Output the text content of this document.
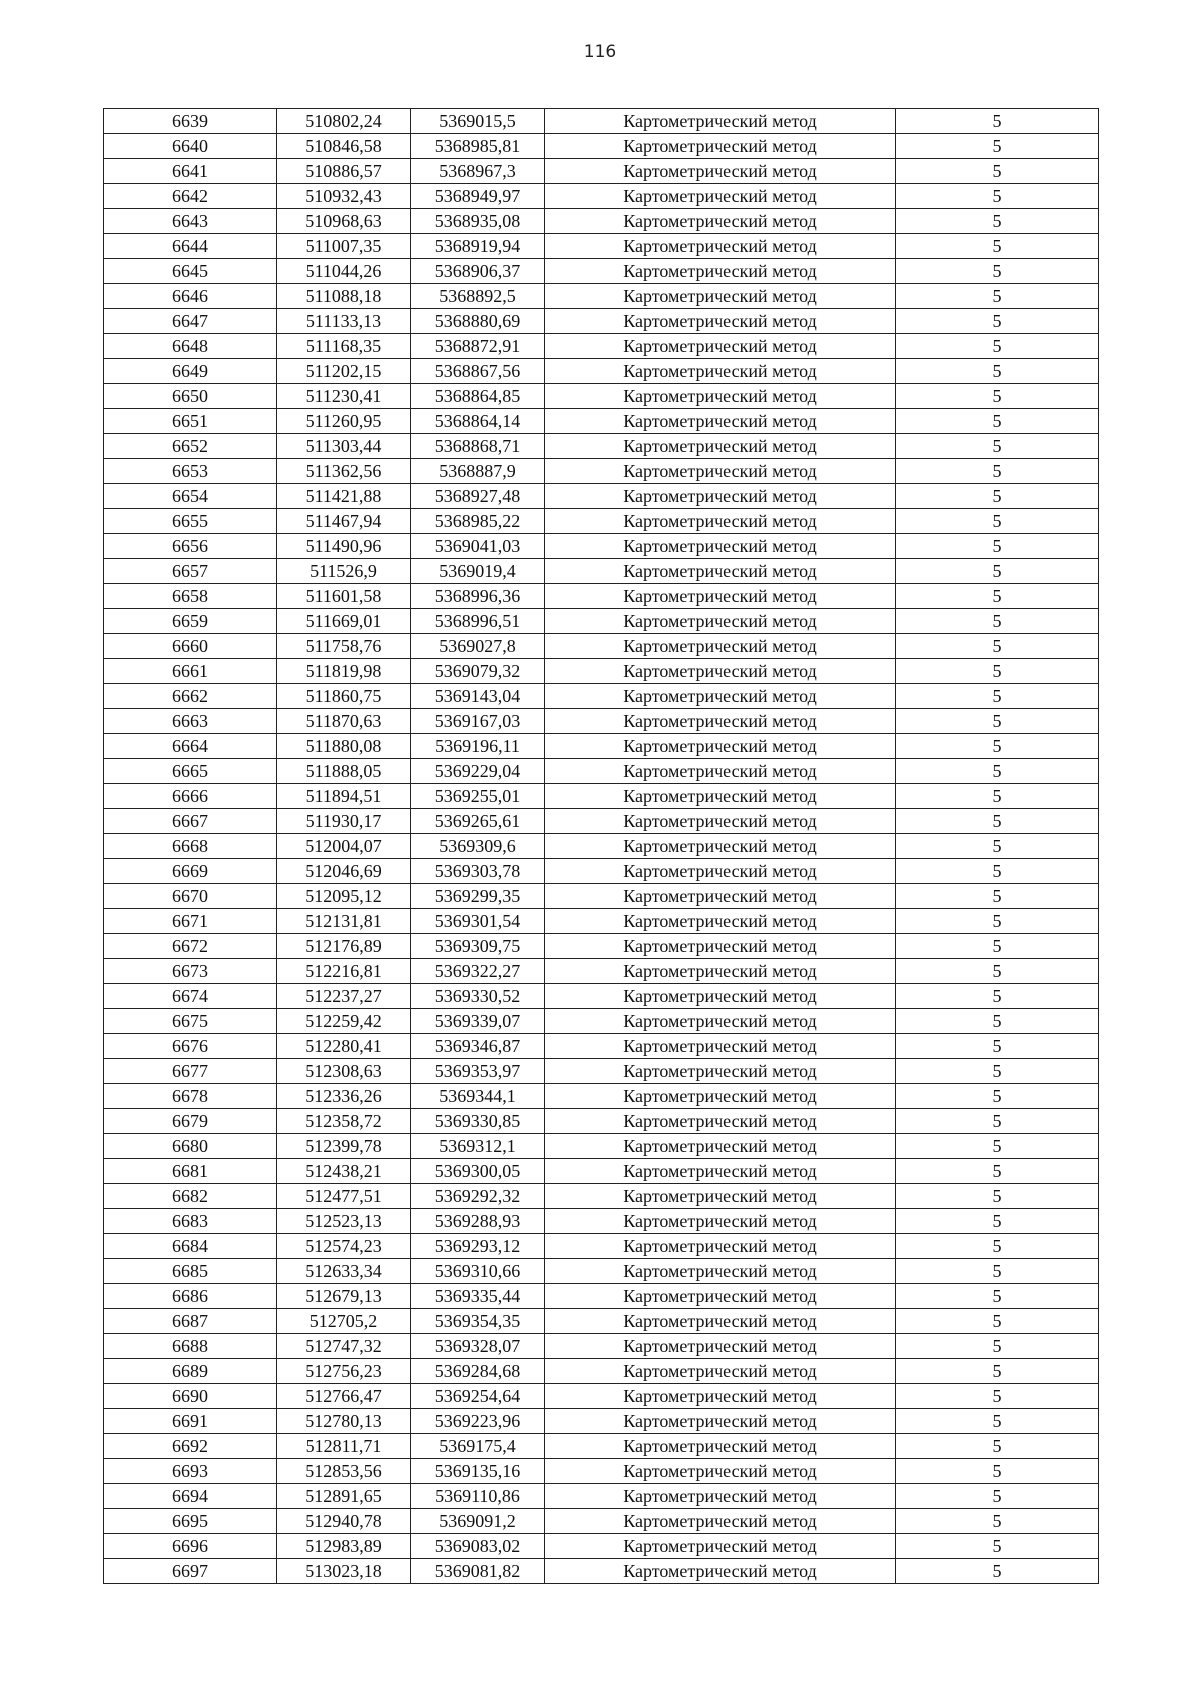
116
6639	510802,24	5369015,5	Картометрический метод	5
6640	510846,58	5368985,81	Картометрический метод	5
6641	510886,57	5368967,3	Картометрический метод	5
6642	510932,43	5368949,97	Картометрический метод	5
6643	510968,63	5368935,08	Картометрический метод	5
6644	511007,35	5368919,94	Картометрический метод	5
6645	511044,26	5368906,37	Картометрический метод	5
6646	511088,18	5368892,5	Картометрический метод	5
6647	511133,13	5368880,69	Картометрический метод	5
6648	511168,35	5368872,91	Картометрический метод	5
6649	511202,15	5368867,56	Картометрический метод	5
6650	511230,41	5368864,85	Картометрический метод	5
6651	511260,95	5368864,14	Картометрический метод	5
6652	511303,44	5368868,71	Картометрический метод	5
6653	511362,56	5368887,9	Картометрический метод	5
6654	511421,88	5368927,48	Картометрический метод	5
6655	511467,94	5368985,22	Картометрический метод	5
6656	511490,96	5369041,03	Картометрический метод	5
6657	511526,9	5369019,4	Картометрический метод	5
6658	511601,58	5368996,36	Картометрический метод	5
6659	511669,01	5368996,51	Картометрический метод	5
6660	511758,76	5369027,8	Картометрический метод	5
6661	511819,98	5369079,32	Картометрический метод	5
6662	511860,75	5369143,04	Картометрический метод	5
6663	511870,63	5369167,03	Картометрический метод	5
6664	511880,08	5369196,11	Картометрический метод	5
6665	511888,05	5369229,04	Картометрический метод	5
6666	511894,51	5369255,01	Картометрический метод	5
6667	511930,17	5369265,61	Картометрический метод	5
6668	512004,07	5369309,6	Картометрический метод	5
6669	512046,69	5369303,78	Картометрический метод	5
6670	512095,12	5369299,35	Картометрический метод	5
6671	512131,81	5369301,54	Картометрический метод	5
6672	512176,89	5369309,75	Картометрический метод	5
6673	512216,81	5369322,27	Картометрический метод	5
6674	512237,27	5369330,52	Картометрический метод	5
6675	512259,42	5369339,07	Картометрический метод	5
6676	512280,41	5369346,87	Картометрический метод	5
6677	512308,63	5369353,97	Картометрический метод	5
6678	512336,26	5369344,1	Картометрический метод	5
6679	512358,72	5369330,85	Картометрический метод	5
6680	512399,78	5369312,1	Картометрический метод	5
6681	512438,21	5369300,05	Картометрический метод	5
6682	512477,51	5369292,32	Картометрический метод	5
6683	512523,13	5369288,93	Картометрический метод	5
6684	512574,23	5369293,12	Картометрический метод	5
6685	512633,34	5369310,66	Картометрический метод	5
6686	512679,13	5369335,44	Картометрический метод	5
6687	512705,2	5369354,35	Картометрический метод	5
6688	512747,32	5369328,07	Картометрический метод	5
6689	512756,23	5369284,68	Картометрический метод	5
6690	512766,47	5369254,64	Картометрический метод	5
6691	512780,13	5369223,96	Картометрический метод	5
6692	512811,71	5369175,4	Картометрический метод	5
6693	512853,56	5369135,16	Картометрический метод	5
6694	512891,65	5369110,86	Картометрический метод	5
6695	512940,78	5369091,2	Картометрический метод	5
6696	512983,89	5369083,02	Картометрический метод	5
6697	513023,18	5369081,82	Картометрический метод	5
